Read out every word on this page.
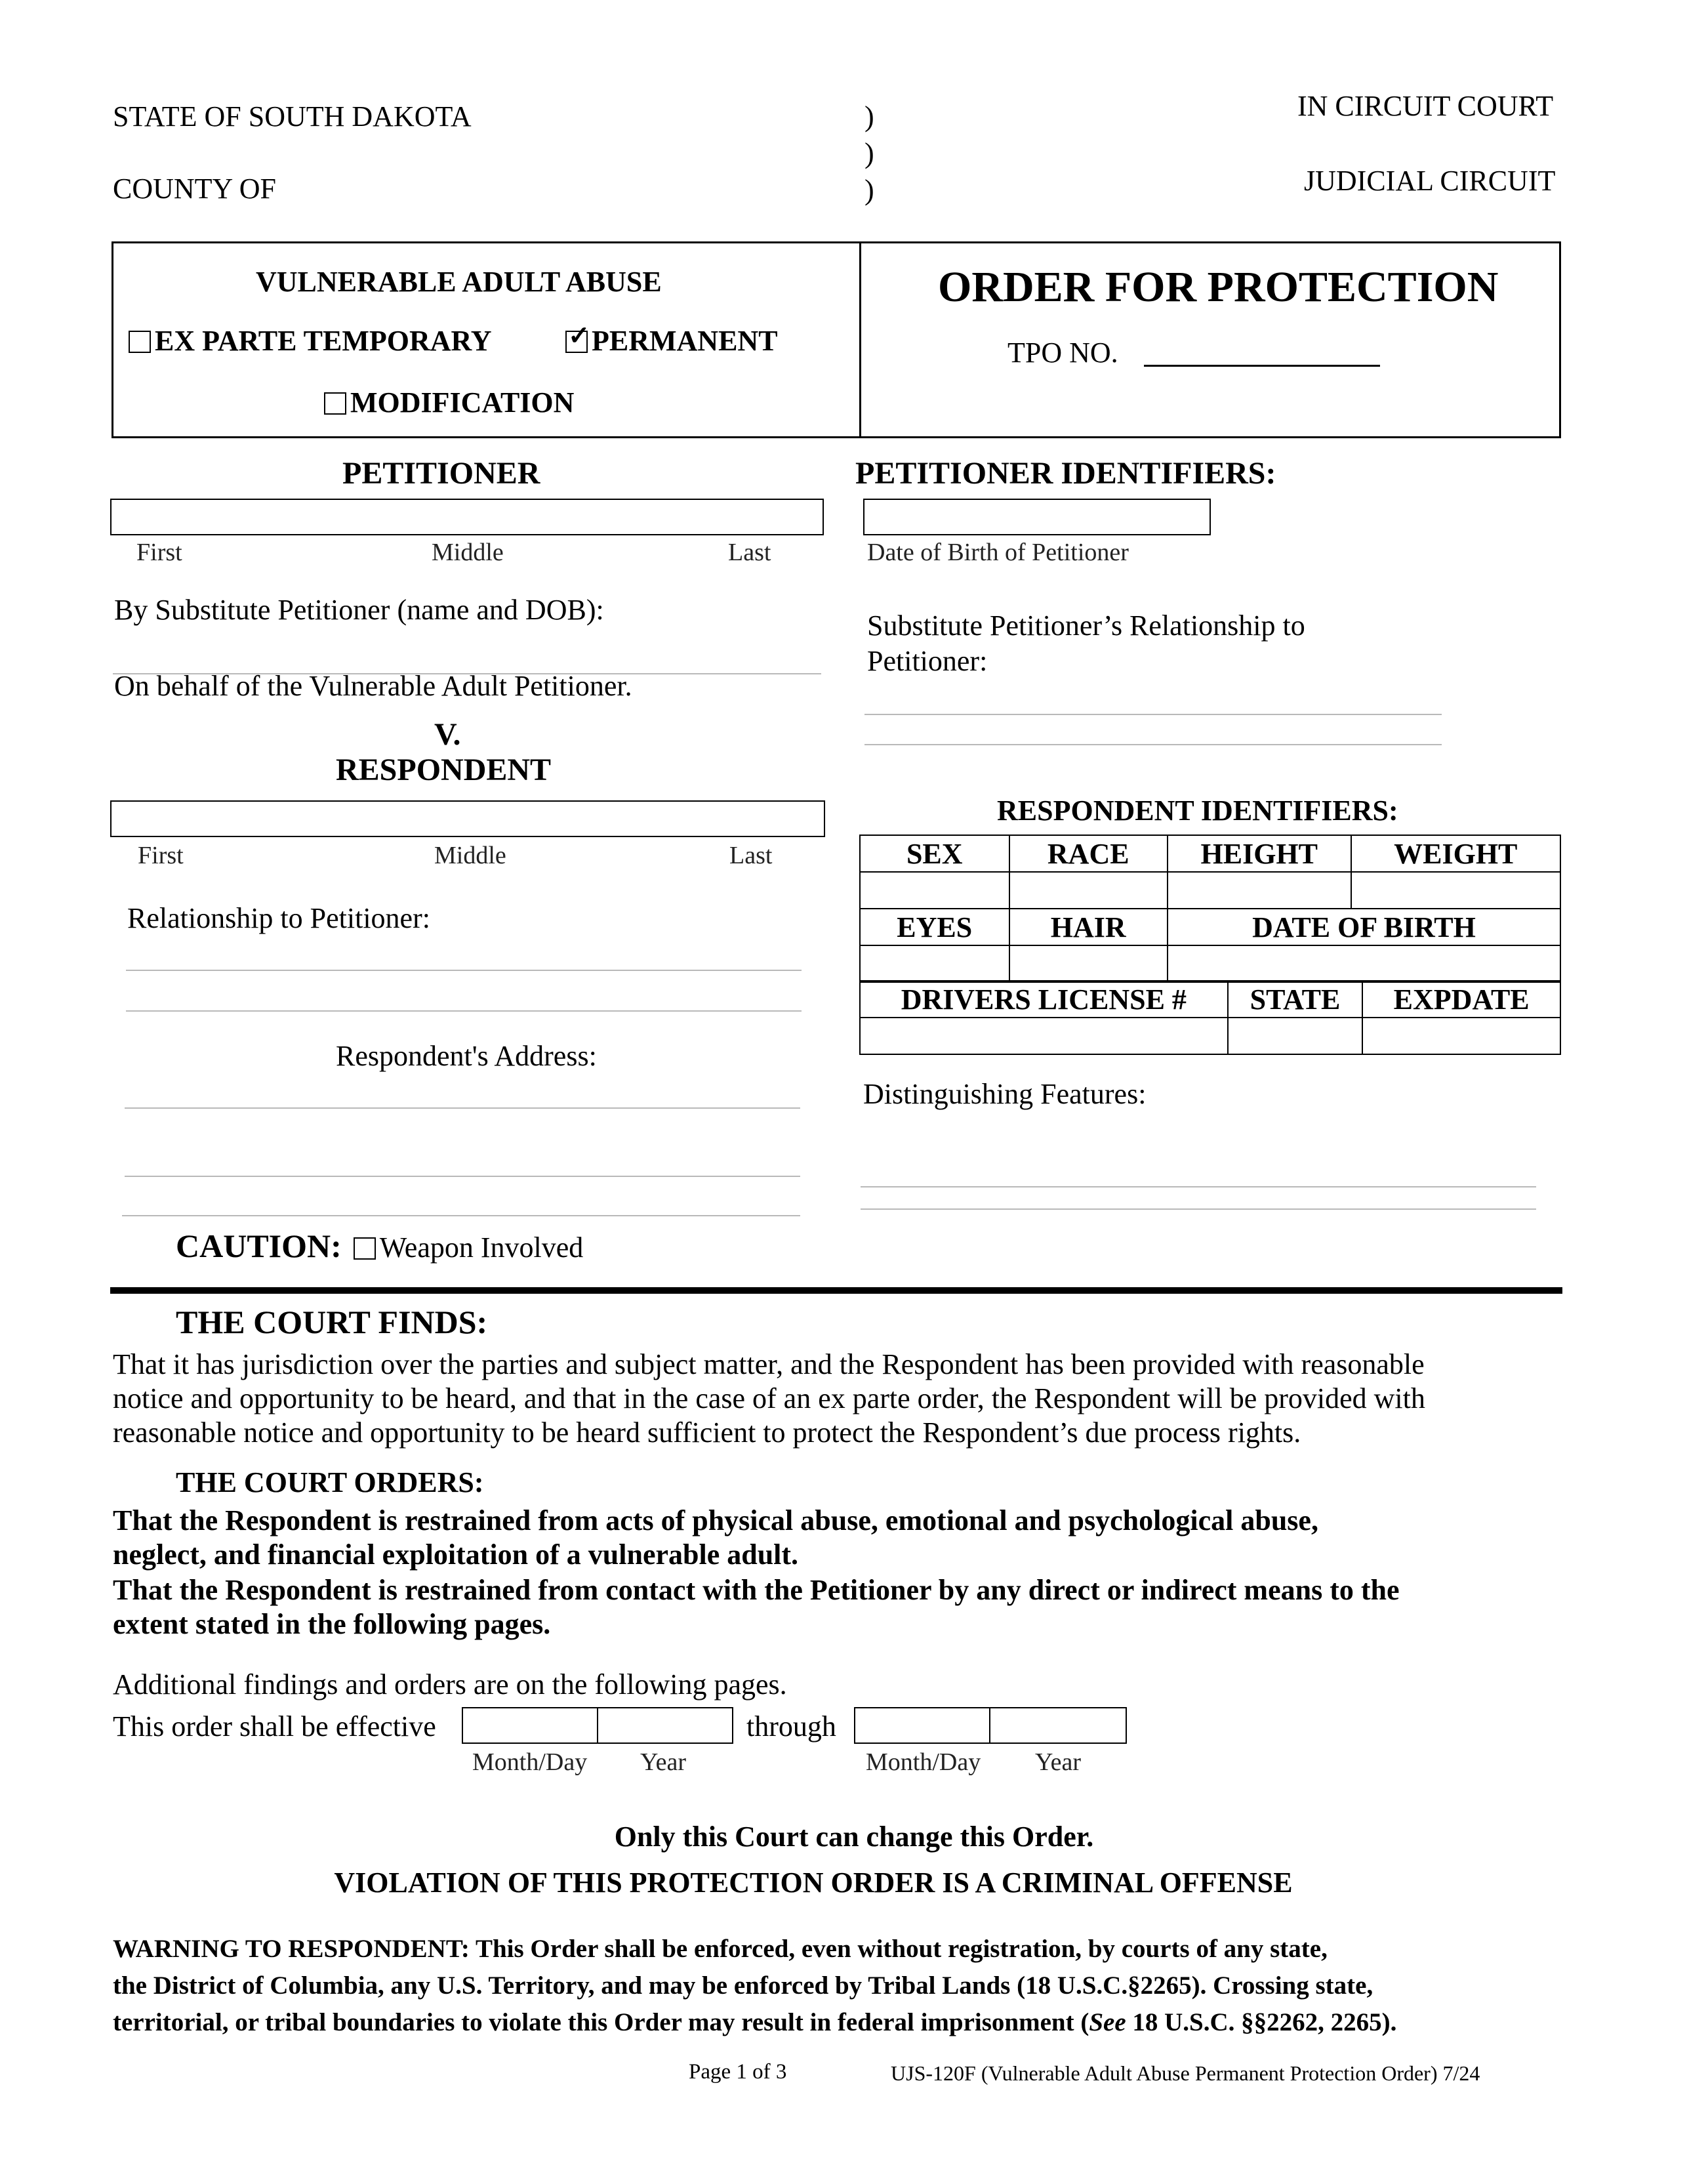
STATE OF SOUTH DAKOTA
COUNTY OF
)
)
)
IN CIRCUIT COURT
JUDICIAL CIRCUIT
VULNERABLE ADULT ABUSE
EX PARTE TEMPORARY	✓ PERMANENT
MODIFICATION
ORDER FOR PROTECTION
TPO NO.
PETITIONER
First	Middle	Last
By Substitute Petitioner (name and DOB):
On behalf of the Vulnerable Adult Petitioner.
PETITIONER IDENTIFIERS:
Date of Birth of Petitioner
Substitute Petitioner’s Relationship to
Petitioner:
V.
RESPONDENT
First	Middle	Last
Relationship to Petitioner:
Respondent's Address:
RESPONDENT IDENTIFIERS:
SEX	RACE	HEIGHT	WEIGHT

EYES	HAIR	DATE OF BIRTH	

DRIVERS LICENSE #	STATE	EXPDATE

Distinguishing Features:
CAUTION: Weapon Involved
THE COURT FINDS:
That it has jurisdiction over the parties and subject matter, and the Respondent has been provided with reasonable
notice and opportunity to be heard, and that in the case of an ex parte order, the Respondent will be provided with
reasonable notice and opportunity to be heard sufficient to protect the Respondent’s due process rights.
THE COURT ORDERS:
That the Respondent is restrained from acts of physical abuse, emotional and psychological abuse,
neglect, and financial exploitation of a vulnerable adult.
That the Respondent is restrained from contact with the Petitioner by any direct or indirect means to the
extent stated in the following pages.
Additional findings and orders are on the following pages.
This order shall be effective
Month/Day Year
through
Month/Day Year
Only this Court can change this Order.
VIOLATION OF THIS PROTECTION ORDER IS A CRIMINAL OFFENSE
WARNING TO RESPONDENT: This Order shall be enforced, even without registration, by courts of any state,
the District of Columbia, any U.S. Territory, and may be enforced by Tribal Lands (18 U.S.C.§2265). Crossing state,
territorial, or tribal boundaries to violate this Order may result in federal imprisonment (See 18 U.S.C. §§2262, 2265).
Page 1 of 3	UJS-120F (Vulnerable Adult Abuse Permanent Protection Order) 7/24
